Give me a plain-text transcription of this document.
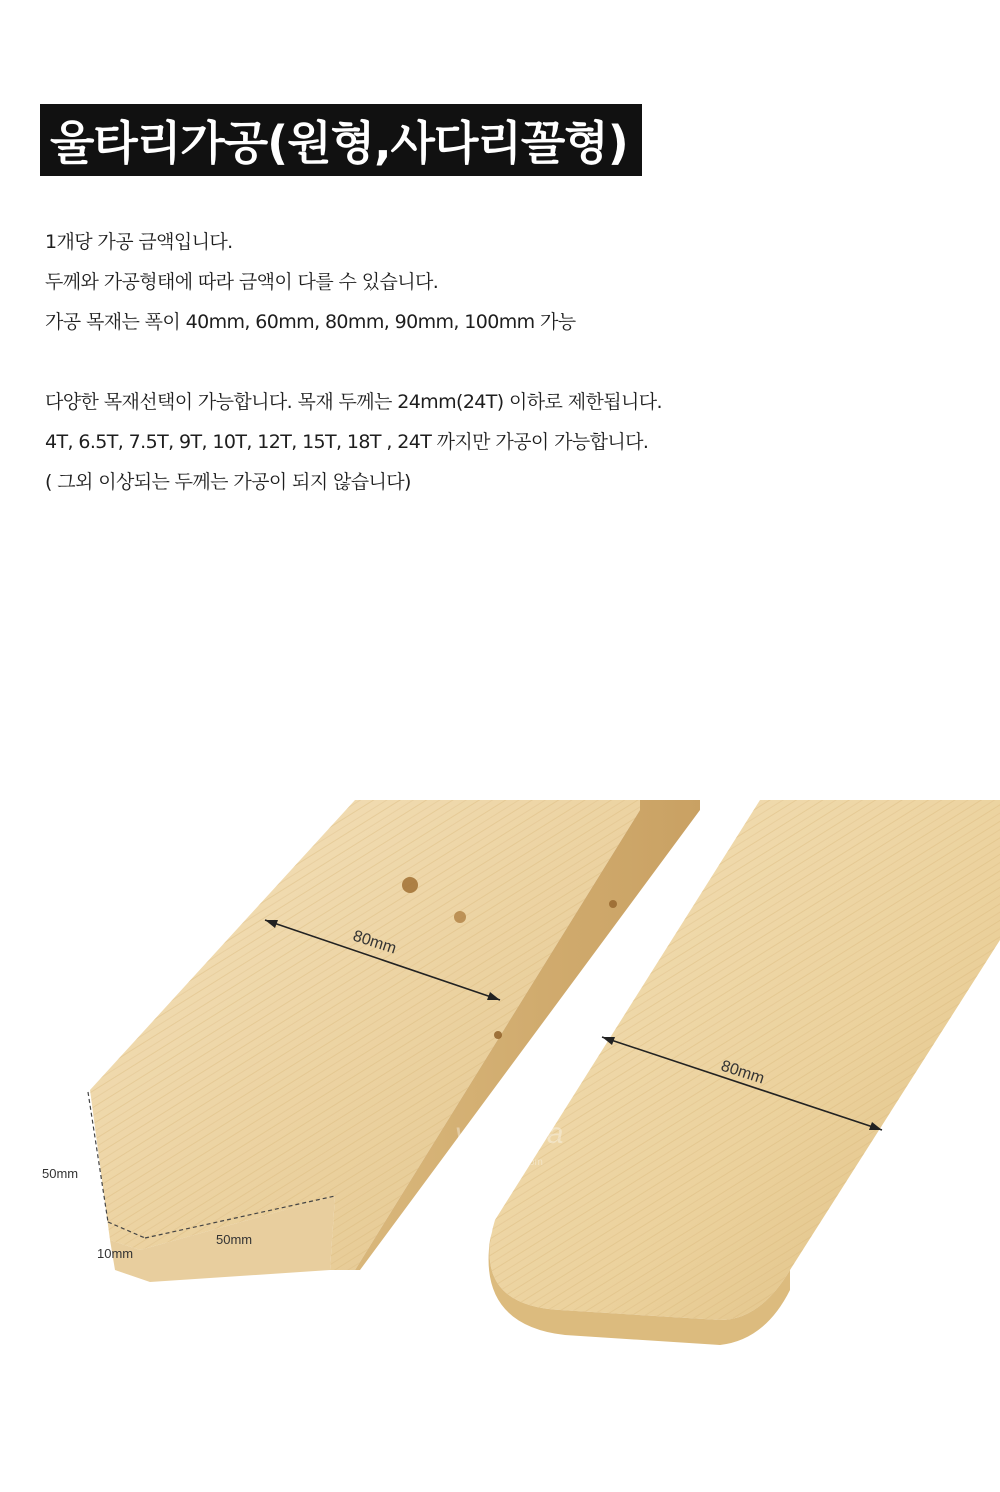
울타리가공(원형,사다리꼴형)

1개당 가공 금액입니다.

두께와 가공형태에 따라 금액이 다를 수 있습니다.

가공 목재는 폭이 40mm, 60mm, 80mm, 90mm, 100mm 가능

다양한 목재선택이 가능합니다. 목재 두께는 24mm(24T) 이하로 제한됩니다.

4T, 6.5T, 7.5T, 9T, 10T, 12T, 15T, 18T , 24T 까지만 가공이 가능합니다.

( 그외 이상되는 두께는 가공이 되지 않습니다)

80mm
80mm
50mm
10mm
50mm
veranda
http://veranda.com
